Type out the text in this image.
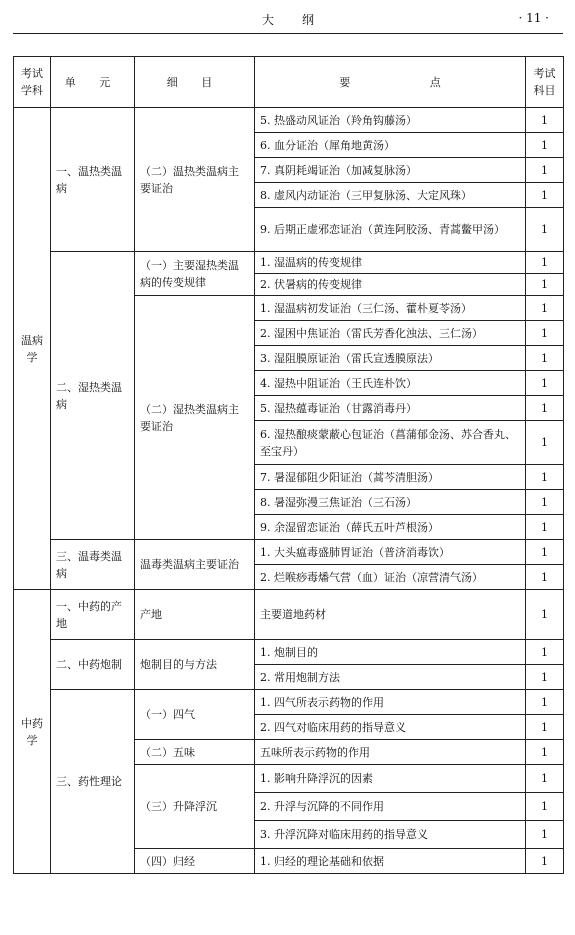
大纲	· 11 ·
考试学科	单 元	细 目	要 点	考试科目
温病学	一、温热类温病	（二）温热类温病主要证治	5. 热盛动风证治（羚角钩藤汤）	1
			6. 血分证治（犀角地黄汤）	1
			7. 真阴耗竭证治（加减复脉汤）	1
			8. 虚风内动证治（三甲复脉汤、大定风珠）	1
			9. 后期正虚邪恋证治（黄连阿胶汤、青蒿鳖甲汤）	1
	二、湿热类温病	（一）主要湿热类温病的传变规律	1. 湿温病的传变规律	1
			2. 伏暑病的传变规律	1
		（二）湿热类温病主要证治	1. 湿温病初发证治（三仁汤、藿朴夏苓汤）	1
			2. 湿困中焦证治（雷氏芳香化浊法、三仁汤）	1
			3. 湿阻膜原证治（雷氏宣透膜原法）	1
			4. 湿热中阻证治（王氏连朴饮）	1
			5. 湿热蕴毒证治（甘露消毒丹）	1
			6. 湿热酿痰蒙蔽心包证治（菖蒲郁金汤、苏合香丸、至宝丹）	1
			7. 暑湿郁阻少阳证治（蒿芩清胆汤）	1
			8. 暑湿弥漫三焦证治（三石汤）	1
			9. 余湿留恋证治（薛氏五叶芦根汤）	1
	三、温毒类温病	温毒类温病主要证治	1. 大头瘟毒盛肺胃证治（普济消毒饮）	1
			2. 烂喉痧毒燔气营（血）证治（凉营清气汤）	1
中药学	一、中药的产地	产地	主要道地药材	1
	二、中药炮制	炮制目的与方法	1. 炮制目的	1
			2. 常用炮制方法	1
	三、药性理论	（一）四气	1. 四气所表示药物的作用	1
			2. 四气对临床用药的指导意义	1
		（二）五味	五味所表示药物的作用	1
		（三）升降浮沉	1. 影响升降浮沉的因素	1
			2. 升浮与沉降的不同作用	1
			3. 升浮沉降对临床用药的指导意义	1
		（四）归经	1. 归经的理论基础和依据	1
